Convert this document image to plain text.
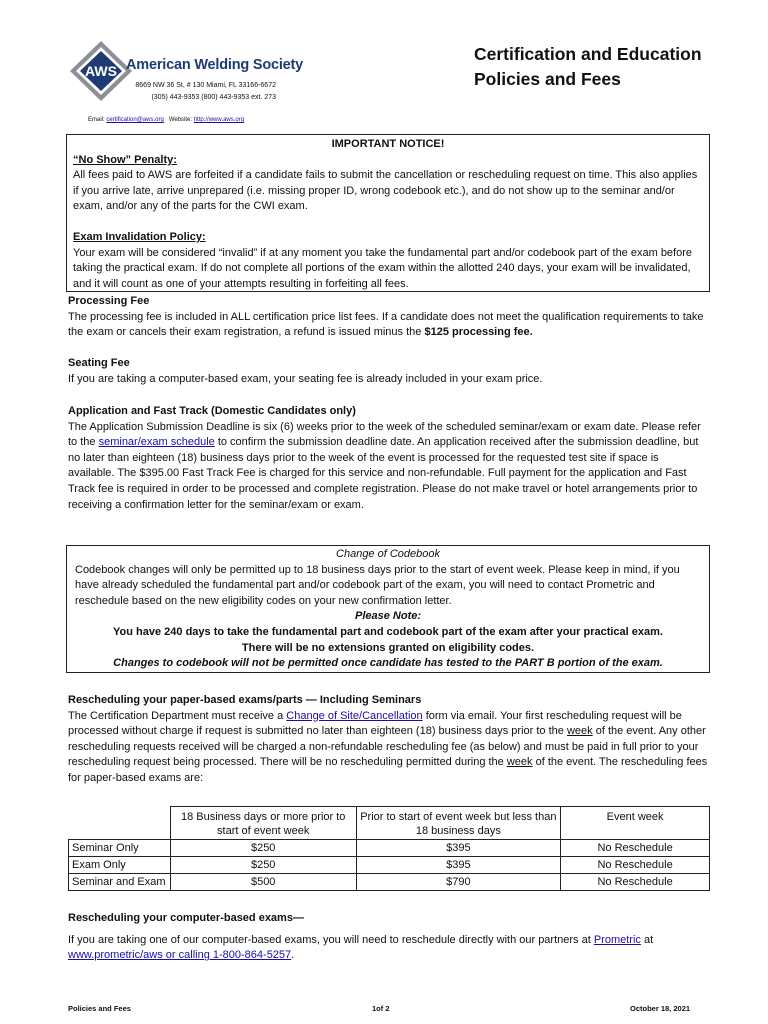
AWS American Welding Society
8669 NW 36 St, # 130 Miami, FL 33166-6672
(305) 443-9353 (800) 443-9353 ext. 273
Email: certification@aws.org Website: http://www.aws.org
Certification and Education
Policies and Fees
IMPORTANT NOTICE!

“No Show” Penalty:

All fees paid to AWS are forfeited if a candidate fails to submit the cancellation or rescheduling request on time. This also applies if you arrive late, arrive unprepared (i.e. missing proper ID, wrong codebook etc.), and do not show up to the seminar and/or exam, and/or any of the parts for the CWI exam.

Exam Invalidation Policy:

Your exam will be considered “invalid” if at any moment you take the fundamental part and/or codebook part of the exam before taking the practical exam. If do not complete all portions of the exam within the allotted 240 days, your exam will be invalidated, and it will count as one of your attempts resulting in forfeiting all fees.

Processing Fee

The processing fee is included in ALL certification price list fees. If a candidate does not meet the qualification requirements to take the exam or cancels their exam registration, a refund is issued minus the $125 processing fee.

Seating Fee

If you are taking a computer-based exam, your seating fee is already included in your exam price.

Application and Fast Track (Domestic Candidates only)

The Application Submission Deadline is six (6) weeks prior to the week of the scheduled seminar/exam or exam date. Please refer to the seminar/exam schedule to confirm the submission deadline date. An application received after the submission deadline, but no later than eighteen (18) business days prior to the week of the event is processed for the requested test site if space is available. The $395.00 Fast Track Fee is charged for this service and non-refundable. Full payment for the application and Fast Track fee is required in order to be processed and complete registration. Please do not make travel or hotel arrangements prior to receiving a confirmation letter for the seminar/exam or exam.

Change of Codebook

Codebook changes will only be permitted up to 18 business days prior to the start of event week. Please keep in mind, if you have already scheduled the fundamental part and/or codebook part of the exam, you will need to contact Prometric and reschedule based on the new eligibility codes on your new confirmation letter.

Please Note:

You have 240 days to take the fundamental part and codebook part of the exam after your practical exam.

There will be no extensions granted on eligibility codes.

Changes to codebook will not be permitted once candidate has tested to the PART B portion of the exam.

Rescheduling your paper-based exams/parts — Including Seminars

The Certification Department must receive a Change of Site/Cancellation form via email. Your first rescheduling request will be processed without charge if request is submitted no later than eighteen (18) business days prior to the week of the event. Any other rescheduling requests received will be charged a non-refundable rescheduling fee (as below) and must be paid in full prior to your rescheduling request being processed. There will be no rescheduling permitted during the week of the event. The rescheduling fees for paper-based exams are:

	18 Business days or more prior to start of event week	Prior to start of event week but less than 18 business days	Event week
Seminar Only	$250	$395	No Reschedule
Exam Only	$250	$395	No Reschedule
Seminar and Exam	$500	$790	No Reschedule

Rescheduling your computer-based exams—

If you are taking one of our computer-based exams, you will need to reschedule directly with our partners at Prometric at www.prometric/aws or calling 1-800-864-5257.

Policies and Fees	1of 2	October 18, 2021
